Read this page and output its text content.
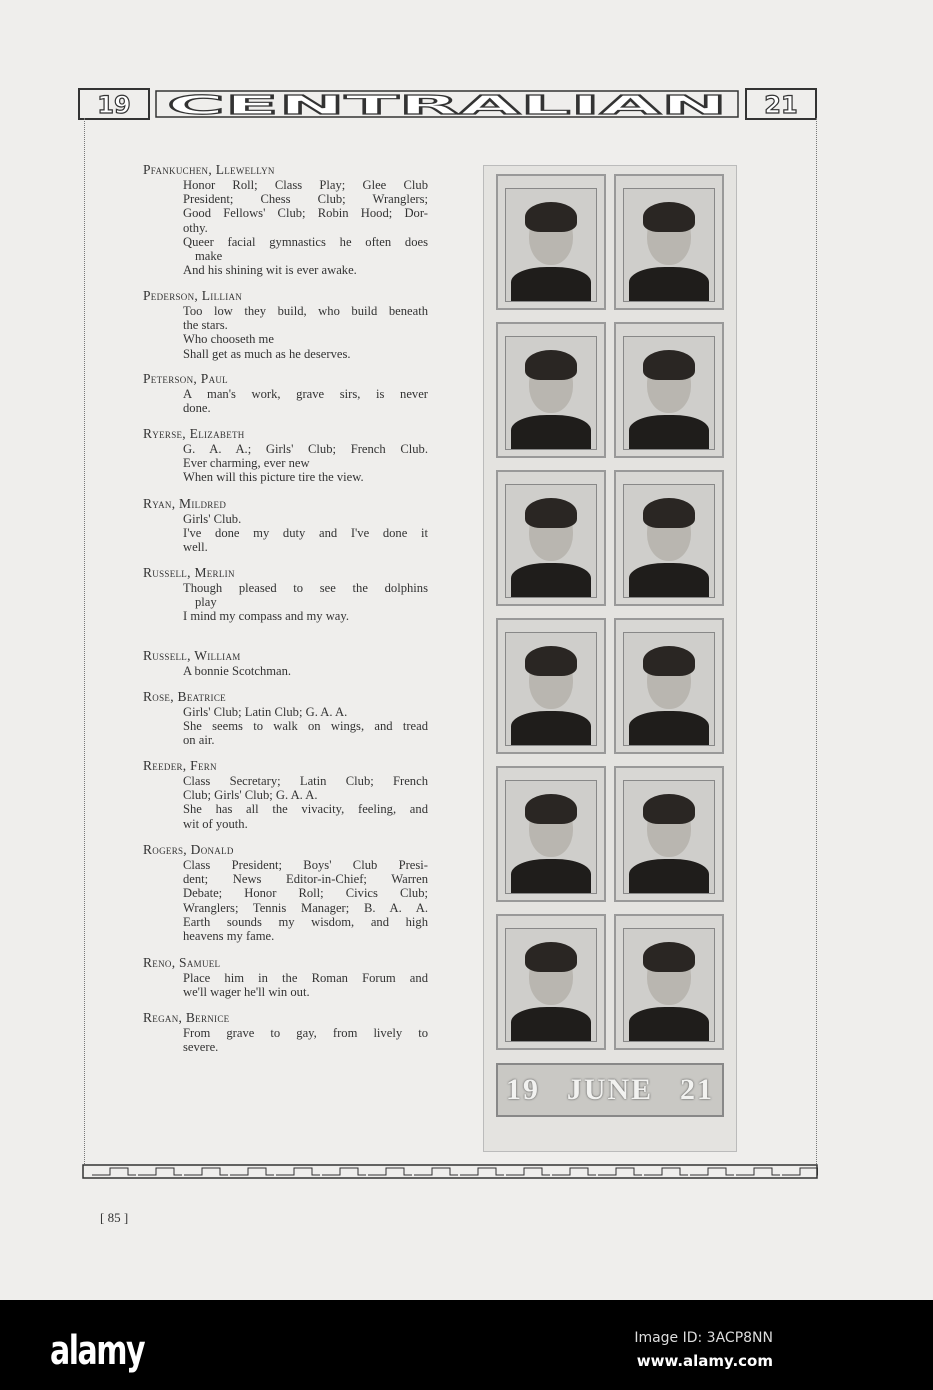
19 CENTRALIAN 21
Pfankuchen, Llewellyn
Honor Roll; Class Play; Glee Club
President; Chess Club; Wranglers;
Good Fellows' Club; Robin Hood; Dor-
othy.
Queer facial gymnastics he often does
make
And his shining wit is ever awake.
Pederson, Lillian
Too low they build, who build beneath
the stars.
Who chooseth me
Shall get as much as he deserves.
Peterson, Paul
A man's work, grave sirs, is never
done.
Ryerse, Elizabeth
G. A. A.; Girls' Club; French Club.
Ever charming, ever new
When will this picture tire the view.
Ryan, Mildred
Girls' Club.
I've done my duty and I've done it
well.
Russell, Merlin
Though pleased to see the dolphins
play
I mind my compass and my way.
Russell, William
A bonnie Scotchman.
Rose, Beatrice
Girls' Club; Latin Club; G. A. A.
She seems to walk on wings, and tread
on air.
Reeder, Fern
Class Secretary; Latin Club; French
Club; Girls' Club; G. A. A.
She has all the vivacity, feeling, and
wit of youth.
Rogers, Donald
Class President; Boys' Club Presi-
dent; News Editor-in-Chief; Warren
Debate; Honor Roll; Civics Club;
Wranglers; Tennis Manager; B. A. A.
Earth sounds my wisdom, and high
heavens my fame.
Reno, Samuel
Place him in the Roman Forum and
we'll wager he'll win out.
Regan, Bernice
From grave to gay, from lively to
severe.
19 JUNE 21
[ 85 ]
alamy	Image ID: 3ACP8NN
www.alamy.com
